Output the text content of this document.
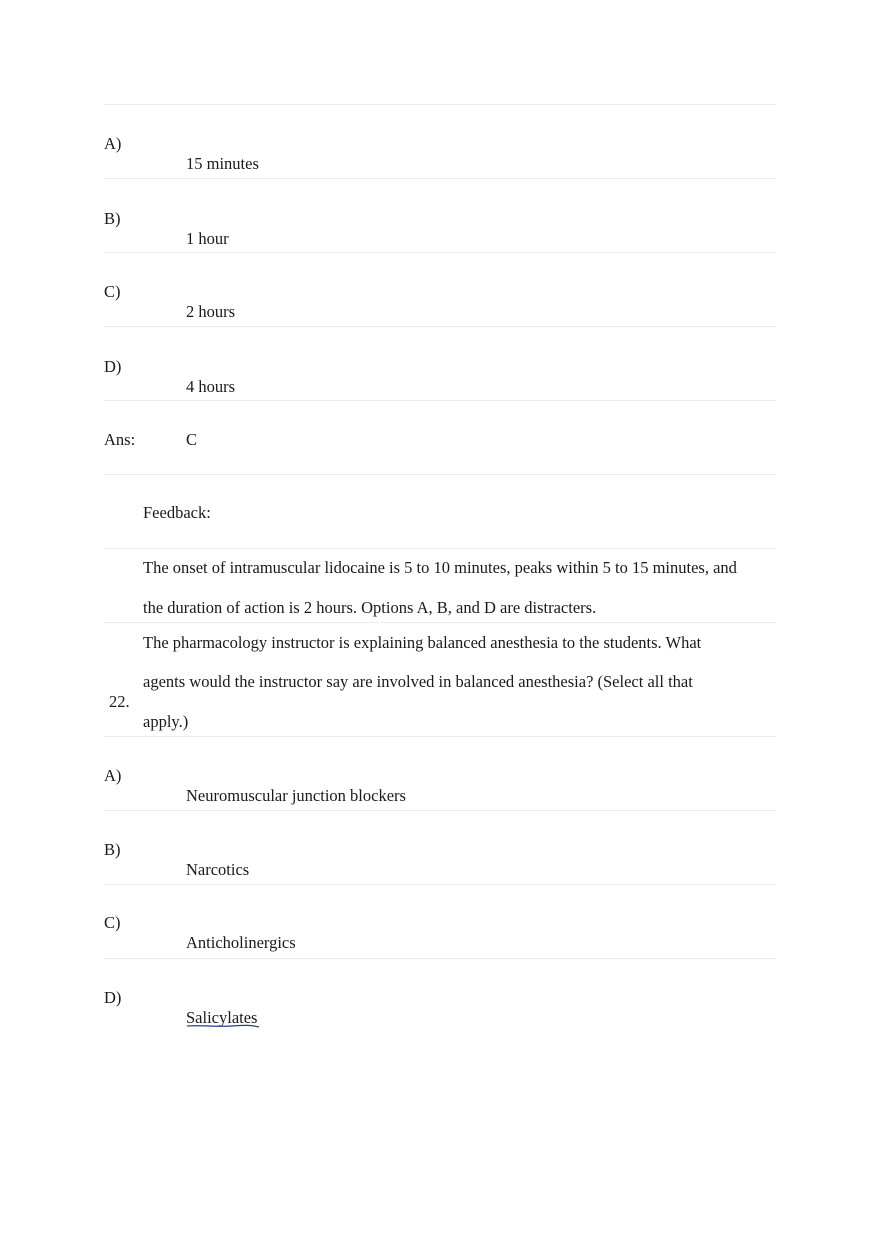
A)
15 minutes
B)
1 hour
C)
2 hours
D)
4 hours
Ans:	C
Feedback:
The onset of intramuscular lidocaine is 5 to 10 minutes, peaks within 5 to 15 minutes, and
the duration of action is 2 hours. Options A, B, and D are distracters.
22.
The pharmacology instructor is explaining balanced anesthesia to the students. What
agents would the instructor say are involved in balanced anesthesia? (Select all that
apply.)
A)
Neuromuscular junction blockers
B)
Narcotics
C)
Anticholinergics
D)
Salicylates
